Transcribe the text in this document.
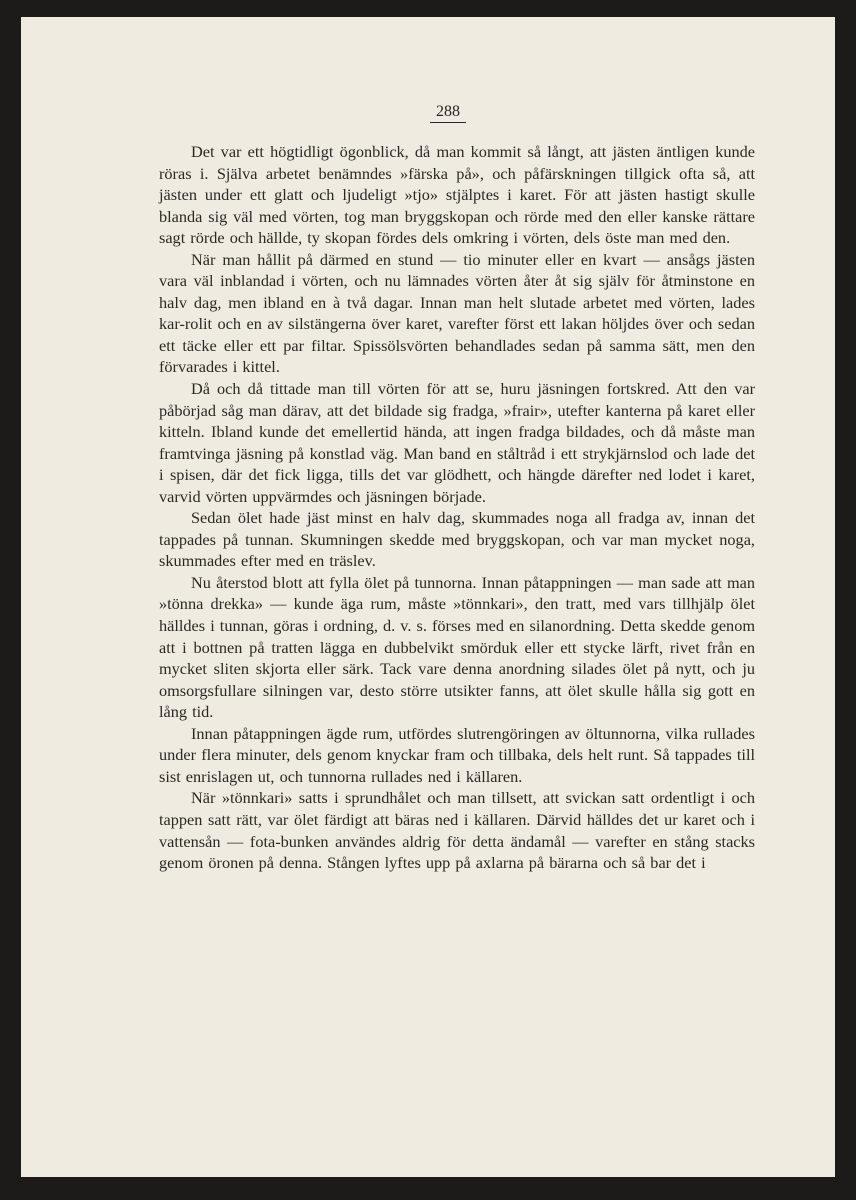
288

Det var ett högtidligt ögonblick, då man kommit så långt, att jästen äntligen kunde röras i. Själva arbetet benämndes »färska på», och påfärskningen tillgick ofta så, att jästen under ett glatt och ljudeligt »tjo» stjälptes i karet. För att jästen hastigt skulle blanda sig väl med vörten, tog man bryggskopan och rörde med den eller kanske rättare sagt rörde och hällde, ty skopan fördes dels omkring i vörten, dels öste man med den.

När man hållit på därmed en stund — tio minuter eller en kvart — ansågs jästen vara väl inblandad i vörten, och nu lämnades vörten åter åt sig själv för åtminstone en halv dag, men ibland en à två dagar. Innan man helt slutade arbetet med vörten, lades kar-rolit och en av silstängerna över karet, varefter först ett lakan höljdes över och sedan ett täcke eller ett par filtar. Spissölsvörten behandlades sedan på samma sätt, men den förvarades i kittel.

Då och då tittade man till vörten för att se, huru jäsningen fortskred. Att den var påbörjad såg man därav, att det bildade sig fradga, »frair», utefter kanterna på karet eller kitteln. Ibland kunde det emellertid hända, att ingen fradga bildades, och då måste man framtvinga jäsning på konstlad väg. Man band en ståltråd i ett strykjärnslod och lade det i spisen, där det fick ligga, tills det var glödhett, och hängde därefter ned lodet i karet, varvid vörten uppvärmdes och jäsningen började.

Sedan ölet hade jäst minst en halv dag, skummades noga all fradga av, innan det tappades på tunnan. Skumningen skedde med bryggskopan, och var man mycket noga, skummades efter med en träslev.

Nu återstod blott att fylla ölet på tunnorna. Innan påtappningen — man sade att man »tönna drekka» — kunde äga rum, måste »tönnkari», den tratt, med vars tillhjälp ölet hälldes i tunnan, göras i ordning, d. v. s. förses med en silanordning. Detta skedde genom att i bottnen på tratten lägga en dubbelvikt smörduk eller ett stycke lärft, rivet från en mycket sliten skjorta eller särk. Tack vare denna anordning silades ölet på nytt, och ju omsorgsfullare silningen var, desto större utsikter fanns, att ölet skulle hålla sig gott en lång tid.

Innan påtappningen ägde rum, utfördes slutrengöringen av öltunnorna, vilka rullades under flera minuter, dels genom knyckar fram och tillbaka, dels helt runt. Så tappades till sist enrislagen ut, och tunnorna rullades ned i källaren.

När »tönnkari» satts i sprundhålet och man tillsett, att svickan satt ordentligt i och tappen satt rätt, var ölet färdigt att bäras ned i källaren. Därvid hälldes det ur karet och i vattensån — fota-bunken användes aldrig för detta ändamål — varefter en stång stacks genom öronen på denna. Stången lyftes upp på axlarna på bärarna och så bar det i
